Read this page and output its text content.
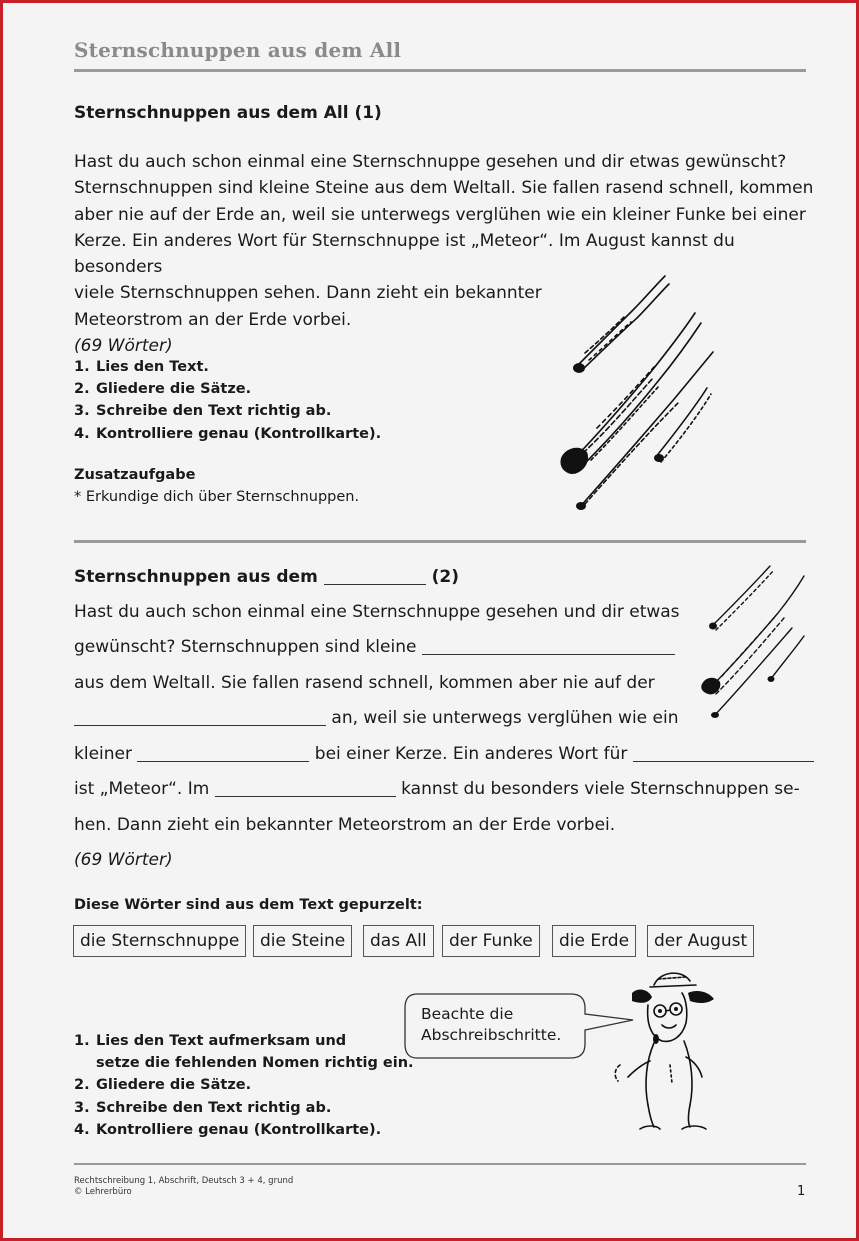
Sternschnuppen aus dem All
Sternschnuppen aus dem All (1)
Hast du auch schon einmal eine Sternschnuppe gesehen und dir etwas gewünscht?
Sternschnuppen sind kleine Steine aus dem Weltall. Sie fallen rasend schnell, kommen
aber nie auf der Erde an, weil sie unterwegs verglühen wie ein kleiner Funke bei einer
Kerze. Ein anderes Wort für Sternschnuppe ist „Meteor“. Im August kannst du besonders
viele Sternschnuppen sehen. Dann zieht ein bekannter
Meteorstrom an der Erde vorbei.
(69 Wörter)
1. Lies den Text.
2. Gliedere die Sätze.
3. Schreibe den Text richtig ab.
4. Kontrolliere genau (Kontrollkarte).
Zusatzaufgabe
* Erkundige dich über Sternschnuppen.
Sternschnuppen aus dem	(2)
Hast du auch schon einmal eine Sternschnuppe gesehen und dir etwas
gewünscht? Sternschnuppen sind kleine
aus dem Weltall. Sie fallen rasend schnell, kommen aber nie auf der
an, weil sie unterwegs verglühen wie ein
kleiner	bei einer Kerze. Ein anderes Wort für
ist „Meteor“. Im	kannst du besonders viele Sternschnuppen se-
hen. Dann zieht ein bekannter Meteorstrom an der Erde vorbei.
(69 Wörter)
Diese Wörter sind aus dem Text gepurzelt:
die Sternschnuppe	die Steine	das All	der Funke	die Erde	der August
Beachte die
Abschreibschritte.
1. Lies den Text aufmerksam und
setze die fehlenden Nomen richtig ein.
2. Gliedere die Sätze.
3. Schreibe den Text richtig ab.
4. Kontrolliere genau (Kontrollkarte).
Rechtschreibung 1, Abschrift, Deutsch 3 + 4, grund
© Lehrerbüro	1
